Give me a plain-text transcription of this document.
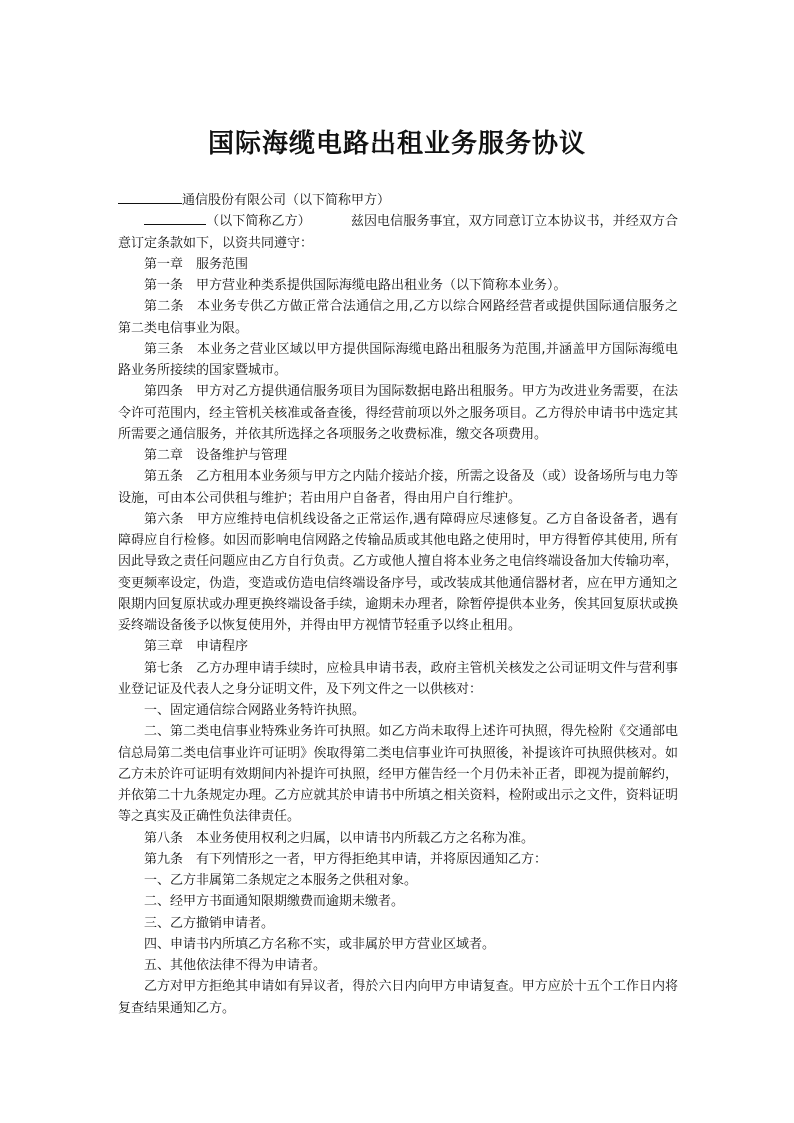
国际海缆电路出租业务服务协议

通信股份有限公司（以下简称甲方）

（以下简称乙方）	兹因电信服务事宜，双方同意订立本协议书，并经双方合意订定条款如下，以资共同遵守：

第一章　服务范围

第一条　甲方营业种类系提供国际海缆电路出租业务（以下简称本业务）。

第二条　本业务专供乙方做正常合法通信之用,乙方以综合网路经营者或提供国际通信服务之第二类电信事业为限。

第三条　本业务之营业区域以甲方提供国际海缆电路出租服务为范围,并涵盖甲方国际海缆电路业务所接续的国家暨城市。

第四条　甲方对乙方提供通信服务项目为国际数据电路出租服务。甲方为改进业务需要，在法令许可范围内，经主管机关核准或备查後，得经营前项以外之服务项目。乙方得於申请书中选定其所需要之通信服务，并依其所选择之各项服务之收费标准，缴交各项费用。

第二章　设备维护与管理

第五条　乙方租用本业务须与甲方之内陆介接站介接，所需之设备及（或）设备场所与电力等设施，可由本公司供租与维护；若由用户自备者，得由用户自行维护。

第六条　甲方应维持电信机线设备之正常运作,遇有障碍应尽速修复。乙方自备设备者，遇有障碍应自行检修。如因而影响电信网路之传输品质或其他电路之使用时，甲方得暂停其使用, 所有因此导致之责任问题应由乙方自行负责。乙方或他人擅自将本业务之电信终端设备加大传输功率，变更频率设定，伪造，变造或仿造电信终端设备序号，或改装成其他通信器材者，应在甲方通知之限期内回复原状或办理更换终端设备手续，逾期未办理者，除暂停提供本业务，俟其回复原状或换妥终端设备後予以恢复使用外，并得由甲方视情节轻重予以终止租用。

第三章　申请程序

第七条　乙方办理申请手续时，应检具申请书表，政府主管机关核发之公司证明文件与营利事业登记证及代表人之身分证明文件，及下列文件之一以供核对：

一、固定通信综合网路业务特许执照。

二、第二类电信事业特殊业务许可执照。如乙方尚未取得上述许可执照，得先检附《交通部电信总局第二类电信事业许可证明》俟取得第二类电信事业许可执照後，补提该许可执照供核对。如乙方未於许可证明有效期间内补提许可执照，经甲方催告经一个月仍未补正者，即视为提前解约，并依第二十九条规定办理。乙方应就其於申请书中所填之相关资料，检附或出示之文件，资料证明等之真实及正确性负法律责任。

第八条　本业务使用权利之归属，以申请书内所载乙方之名称为准。

第九条　有下列情形之一者，甲方得拒绝其申请，并将原因通知乙方：

一、乙方非属第二条规定之本服务之供租对象。

二、经甲方书面通知限期缴费而逾期未缴者。

三、乙方撤销申请者。

四、申请书内所填乙方名称不实，或非属於甲方营业区域者。

五、其他依法律不得为申请者。

乙方对甲方拒绝其申请如有异议者，得於六日内向甲方申请复查。甲方应於十五个工作日内将复查结果通知乙方。
